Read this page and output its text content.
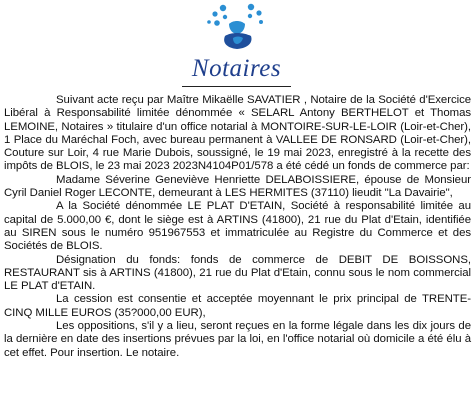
Notaires

Suivant acte reçu par Maître Mikaëlle SAVATIER , Notaire de la Société d'Exercice Libéral à Responsabilité limitée dénommée « SELARL Antony BERTHELOT et Thomas LEMOINE, Notaires » titulaire d'un office notarial à MONTOIRE-SUR-LE-LOIR (Loir-et-Cher), 1 Place du Maréchal Foch, avec bureau permanent à VALLEE DE RONSARD (Loir-et-Cher), Couture sur Loir, 4 rue Marie Dubois, soussigné, le 19 mai 2023, enregistré à la recette des impôts de BLOIS, le 23 mai 2023 2023N4104P01/578 a été cédé un fonds de commerce par:

Madame Séverine Geneviève Henriette DELABOISSIERE, épouse de Monsieur Cyril Daniel Roger LECONTE, demeurant à LES HERMITES (37110) lieudit "La Davairie",

A la Société dénommée LE PLAT D'ETAIN, Société à responsabilité limitée au capital de 5.000,00 €, dont le siège est à ARTINS (41800), 21 rue du Plat d'Etain, identifiée au SIREN sous le numéro 951967553 et immatriculée au Registre du Commerce et des Sociétés de BLOIS.

Désignation du fonds: fonds de commerce de DEBIT DE BOISSONS, RESTAURANT sis à ARTINS (41800), 21 rue du Plat d'Etain, connu sous le nom commercial LE PLAT d'ETAIN.

La cession est consentie et acceptée moyennant le prix principal de TRENTE-CINQ MILLE EUROS (35?000,00 EUR),

Les oppositions, s'il y a lieu, seront reçues en la forme légale dans les dix jours de la dernière en date des insertions prévues par la loi, en l'office notarial où domicile a été élu à cet effet. Pour insertion. Le notaire.
